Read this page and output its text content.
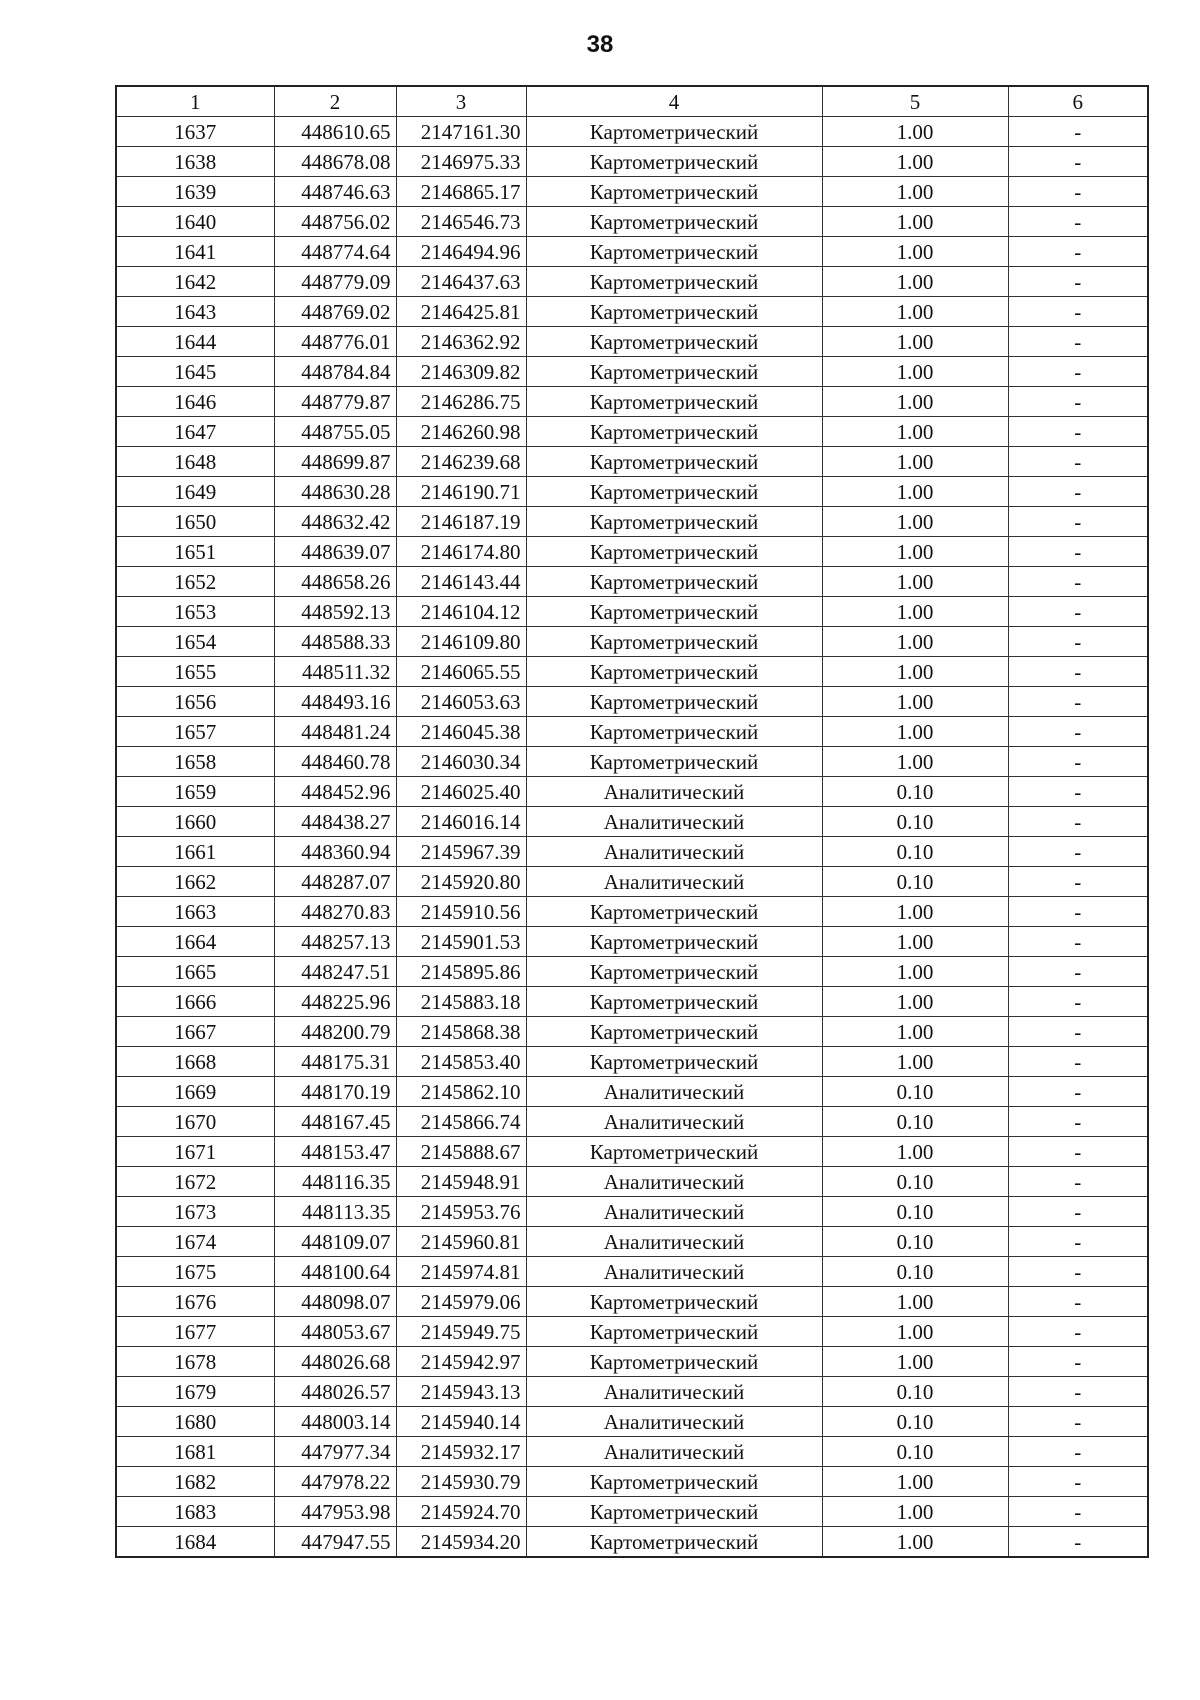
38
1	2	3	4	5	6
1637	448610.65	2147161.30	Картометрический	1.00	-
1638	448678.08	2146975.33	Картометрический	1.00	-
1639	448746.63	2146865.17	Картометрический	1.00	-
1640	448756.02	2146546.73	Картометрический	1.00	-
1641	448774.64	2146494.96	Картометрический	1.00	-
1642	448779.09	2146437.63	Картометрический	1.00	-
1643	448769.02	2146425.81	Картометрический	1.00	-
1644	448776.01	2146362.92	Картометрический	1.00	-
1645	448784.84	2146309.82	Картометрический	1.00	-
1646	448779.87	2146286.75	Картометрический	1.00	-
1647	448755.05	2146260.98	Картометрический	1.00	-
1648	448699.87	2146239.68	Картометрический	1.00	-
1649	448630.28	2146190.71	Картометрический	1.00	-
1650	448632.42	2146187.19	Картометрический	1.00	-
1651	448639.07	2146174.80	Картометрический	1.00	-
1652	448658.26	2146143.44	Картометрический	1.00	-
1653	448592.13	2146104.12	Картометрический	1.00	-
1654	448588.33	2146109.80	Картометрический	1.00	-
1655	448511.32	2146065.55	Картометрический	1.00	-
1656	448493.16	2146053.63	Картометрический	1.00	-
1657	448481.24	2146045.38	Картометрический	1.00	-
1658	448460.78	2146030.34	Картометрический	1.00	-
1659	448452.96	2146025.40	Аналитический	0.10	-
1660	448438.27	2146016.14	Аналитический	0.10	-
1661	448360.94	2145967.39	Аналитический	0.10	-
1662	448287.07	2145920.80	Аналитический	0.10	-
1663	448270.83	2145910.56	Картометрический	1.00	-
1664	448257.13	2145901.53	Картометрический	1.00	-
1665	448247.51	2145895.86	Картометрический	1.00	-
1666	448225.96	2145883.18	Картометрический	1.00	-
1667	448200.79	2145868.38	Картометрический	1.00	-
1668	448175.31	2145853.40	Картометрический	1.00	-
1669	448170.19	2145862.10	Аналитический	0.10	-
1670	448167.45	2145866.74	Аналитический	0.10	-
1671	448153.47	2145888.67	Картометрический	1.00	-
1672	448116.35	2145948.91	Аналитический	0.10	-
1673	448113.35	2145953.76	Аналитический	0.10	-
1674	448109.07	2145960.81	Аналитический	0.10	-
1675	448100.64	2145974.81	Аналитический	0.10	-
1676	448098.07	2145979.06	Картометрический	1.00	-
1677	448053.67	2145949.75	Картометрический	1.00	-
1678	448026.68	2145942.97	Картометрический	1.00	-
1679	448026.57	2145943.13	Аналитический	0.10	-
1680	448003.14	2145940.14	Аналитический	0.10	-
1681	447977.34	2145932.17	Аналитический	0.10	-
1682	447978.22	2145930.79	Картометрический	1.00	-
1683	447953.98	2145924.70	Картометрический	1.00	-
1684	447947.55	2145934.20	Картометрический	1.00	-
